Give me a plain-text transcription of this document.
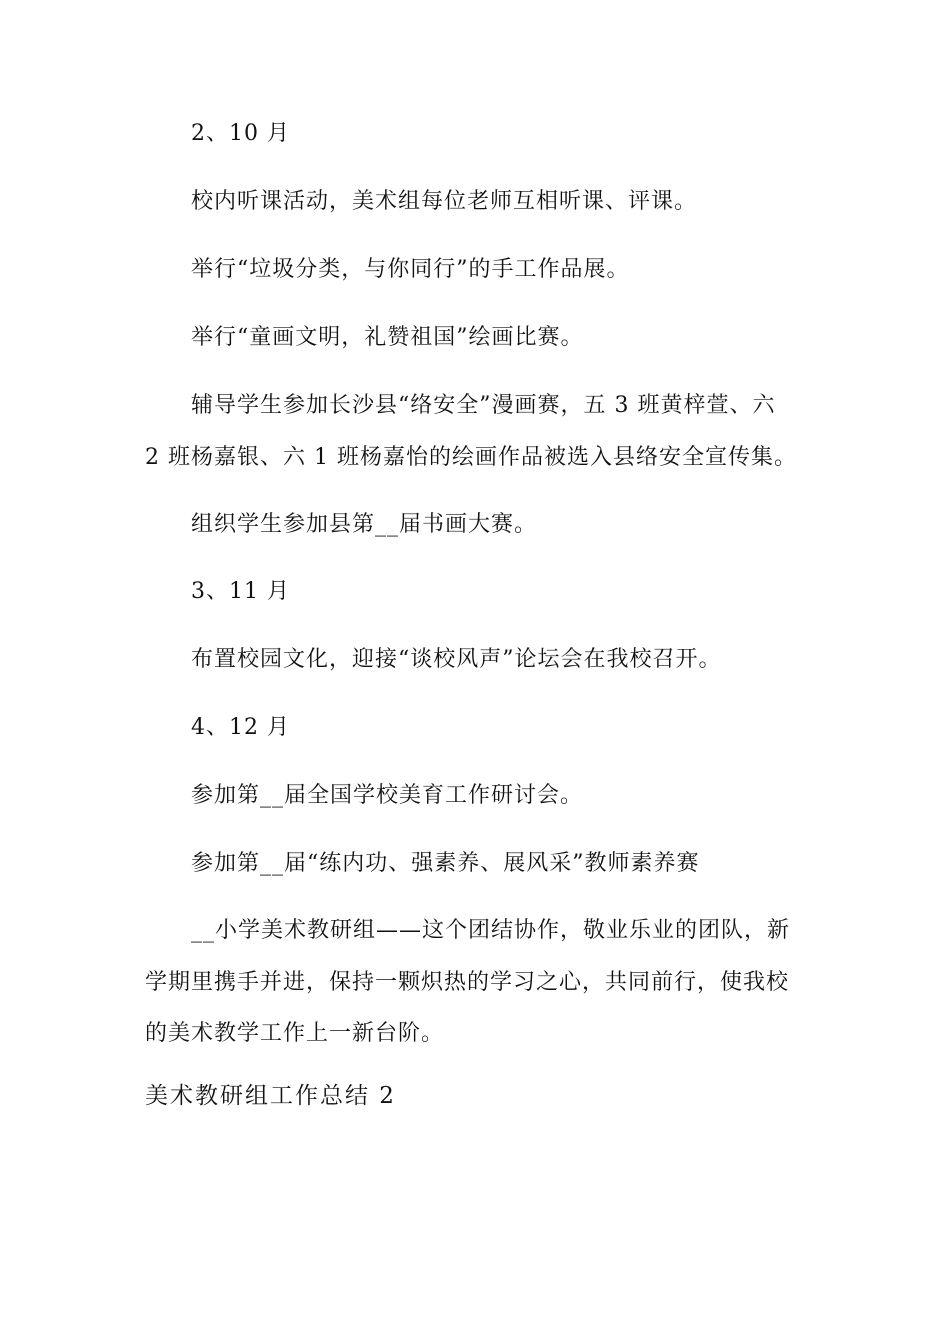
2、10 月
校内听课活动，美术组每位老师互相听课、评课。
举行“垃圾分类，与你同行”的手工作品展。
举行“童画文明，礼赞祖国”绘画比赛。
辅导学生参加长沙县“络安全”漫画赛，五 3 班黄梓萱、六
2 班杨嘉银、六 1 班杨嘉怡的绘画作品被选入县络安全宣传集。
组织学生参加县第__届书画大赛。
3、11 月
布置校园文化，迎接“谈校风声”论坛会在我校召开。
4、12 月
参加第__届全国学校美育工作研讨会。
参加第__届“练内功、强素养、展风采”教师素养赛
__小学美术教研组——这个团结协作，敬业乐业的团队，新
学期里携手并进，保持一颗炽热的学习之心，共同前行，使我校
的美术教学工作上一新台阶。
美术教研组工作总结 2
